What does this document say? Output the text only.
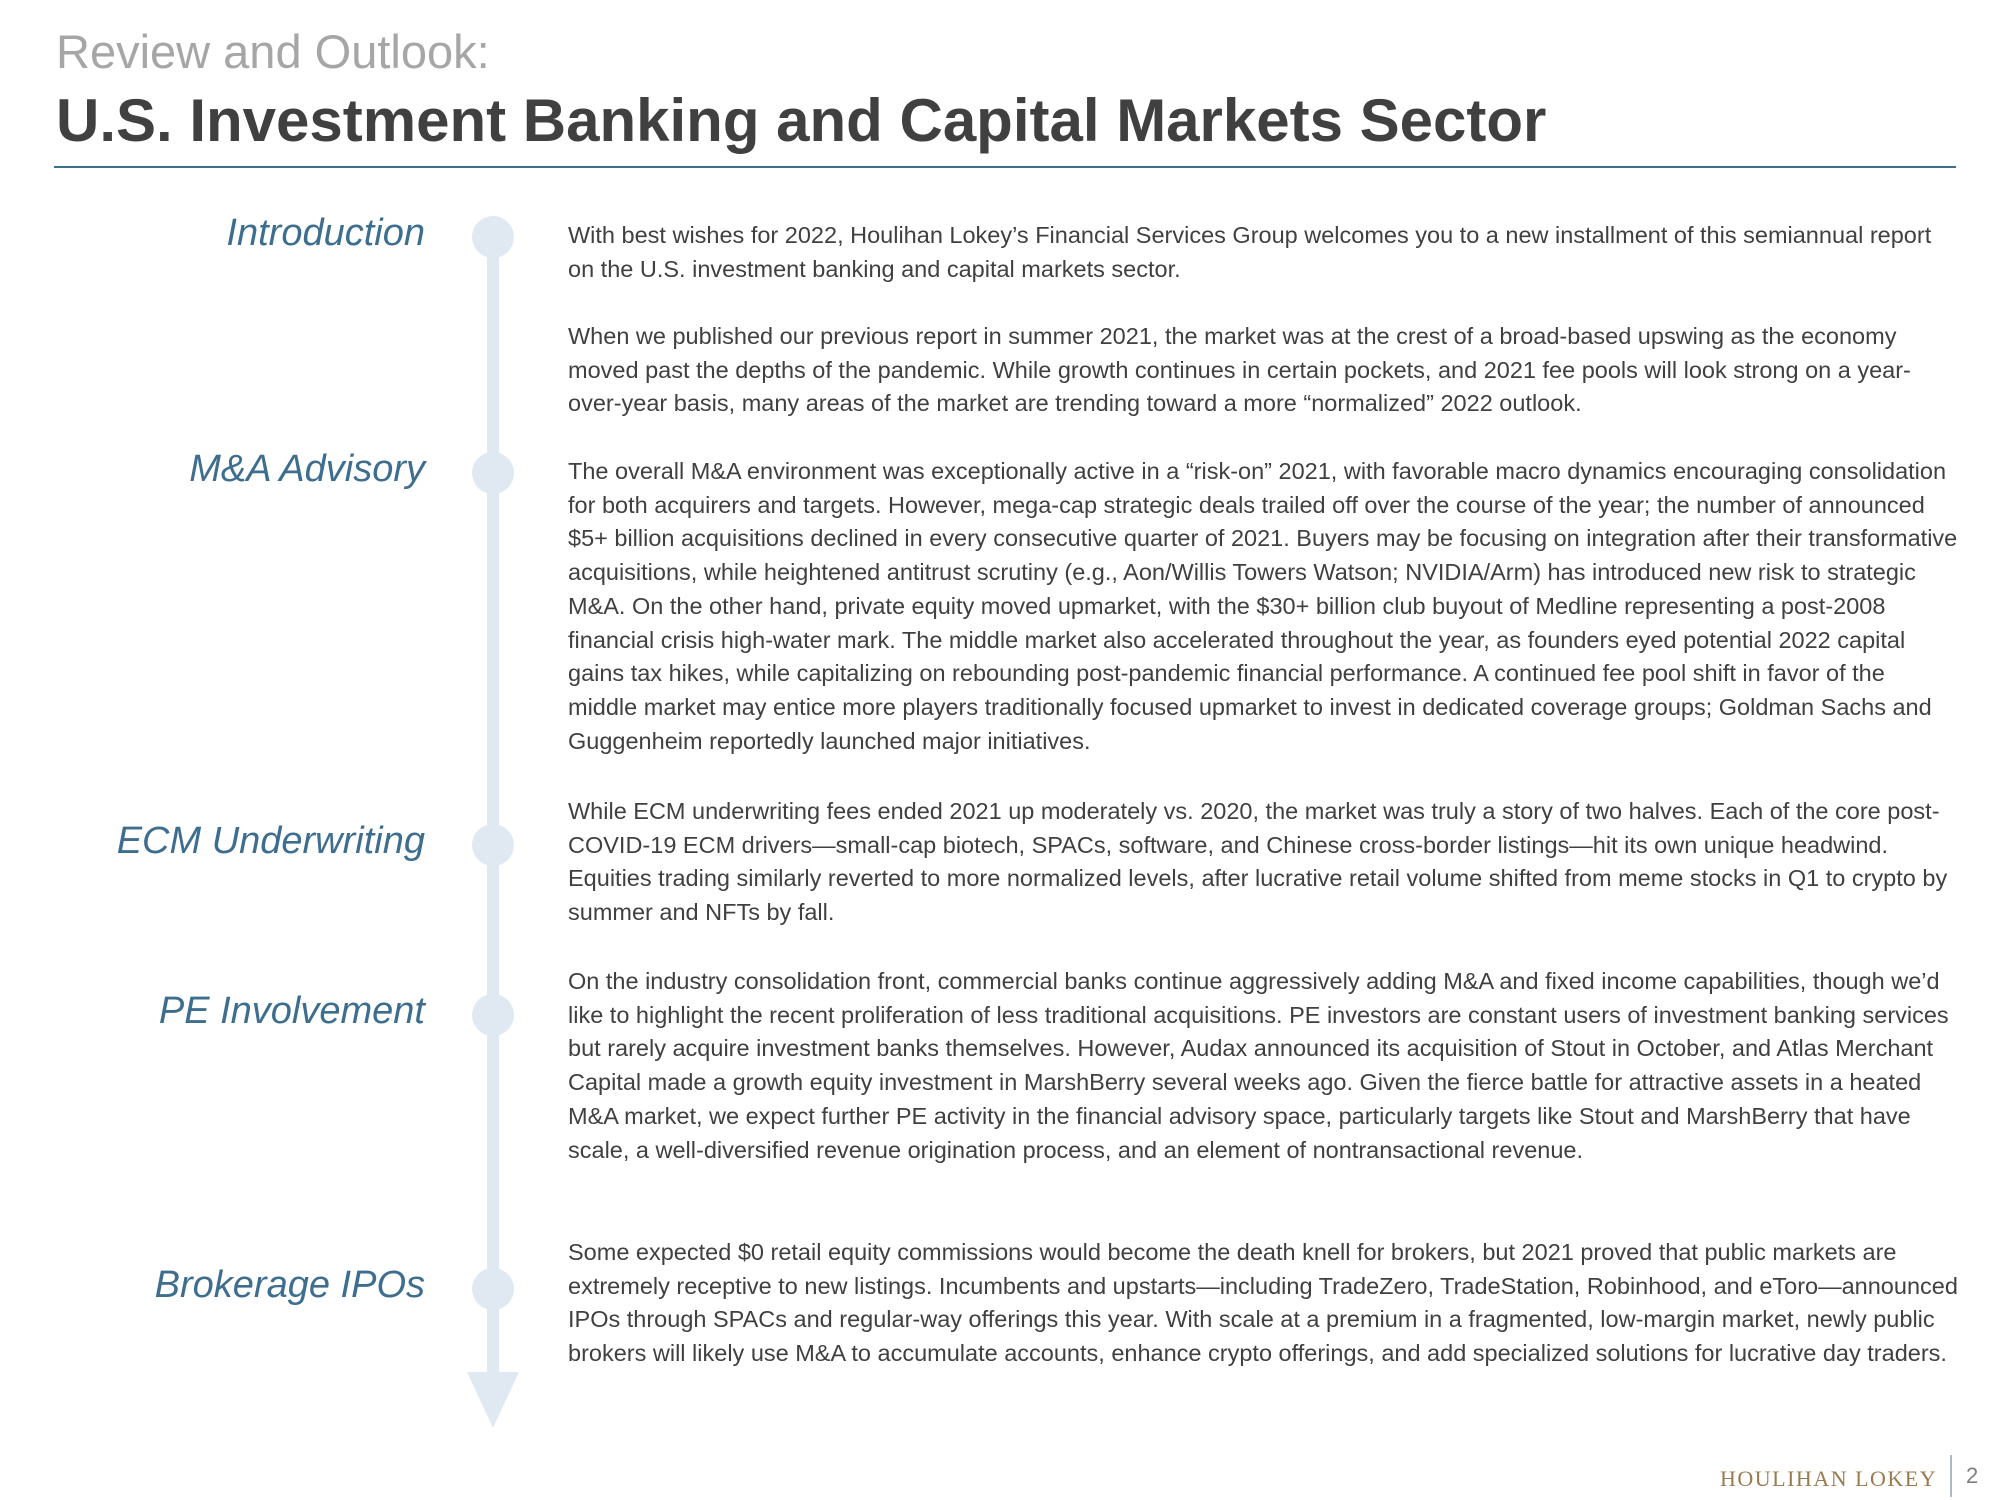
Review and Outlook:
U.S. Investment Banking and Capital Markets Sector
Introduction
M&A Advisory
ECM Underwriting
PE Involvement
Brokerage IPOs

With best wishes for 2022, Houlihan Lokey’s Financial Services Group welcomes you to a new installment of this semiannual report on the U.S. investment banking and capital markets sector.

When we published our previous report in summer 2021, the market was at the crest of a broad-based upswing as the economy moved past the depths of the pandemic. While growth continues in certain pockets, and 2021 fee pools will look strong on a year-over-year basis, many areas of the market are trending toward a more “normalized” 2022 outlook.

The overall M&A environment was exceptionally active in a “risk-on” 2021, with favorable macro dynamics encouraging consolidation for both acquirers and targets. However, mega-cap strategic deals trailed off over the course of the year; the number of announced $5+ billion acquisitions declined in every consecutive quarter of 2021. Buyers may be focusing on integration after their transformative acquisitions, while heightened antitrust scrutiny (e.g., Aon/Willis Towers Watson; NVIDIA/Arm) has introduced new risk to strategic M&A. On the other hand, private equity moved upmarket, with the $30+ billion club buyout of Medline representing a post-2008 financial crisis high-water mark. The middle market also accelerated throughout the year, as founders eyed potential 2022 capital gains tax hikes, while capitalizing on rebounding post-pandemic financial performance. A continued fee pool shift in favor of the middle market may entice more players traditionally focused upmarket to invest in dedicated coverage groups; Goldman Sachs and Guggenheim reportedly launched major initiatives.

While ECM underwriting fees ended 2021 up moderately vs. 2020, the market was truly a story of two halves. Each of the core post-COVID-19 ECM drivers—small-cap biotech, SPACs, software, and Chinese cross-border listings—hit its own unique headwind. Equities trading similarly reverted to more normalized levels, after lucrative retail volume shifted from meme stocks in Q1 to crypto by summer and NFTs by fall.

On the industry consolidation front, commercial banks continue aggressively adding M&A and fixed income capabilities, though we’d like to highlight the recent proliferation of less traditional acquisitions. PE investors are constant users of investment banking services but rarely acquire investment banks themselves. However, Audax announced its acquisition of Stout in October, and Atlas Merchant Capital made a growth equity investment in MarshBerry several weeks ago. Given the fierce battle for attractive assets in a heated M&A market, we expect further PE activity in the financial advisory space, particularly targets like Stout and MarshBerry that have scale, a well-diversified revenue origination process, and an element of nontransactional revenue.

Some expected $0 retail equity commissions would become the death knell for brokers, but 2021 proved that public markets are extremely receptive to new listings. Incumbents and upstarts—including TradeZero, TradeStation, Robinhood, and eToro—announced IPOs through SPACs and regular-way offerings this year. With scale at a premium in a fragmented, low-margin market, newly public brokers will likely use M&A to accumulate accounts, enhance crypto offerings, and add specialized solutions for lucrative day traders.

HOULIHAN LOKEY 2
